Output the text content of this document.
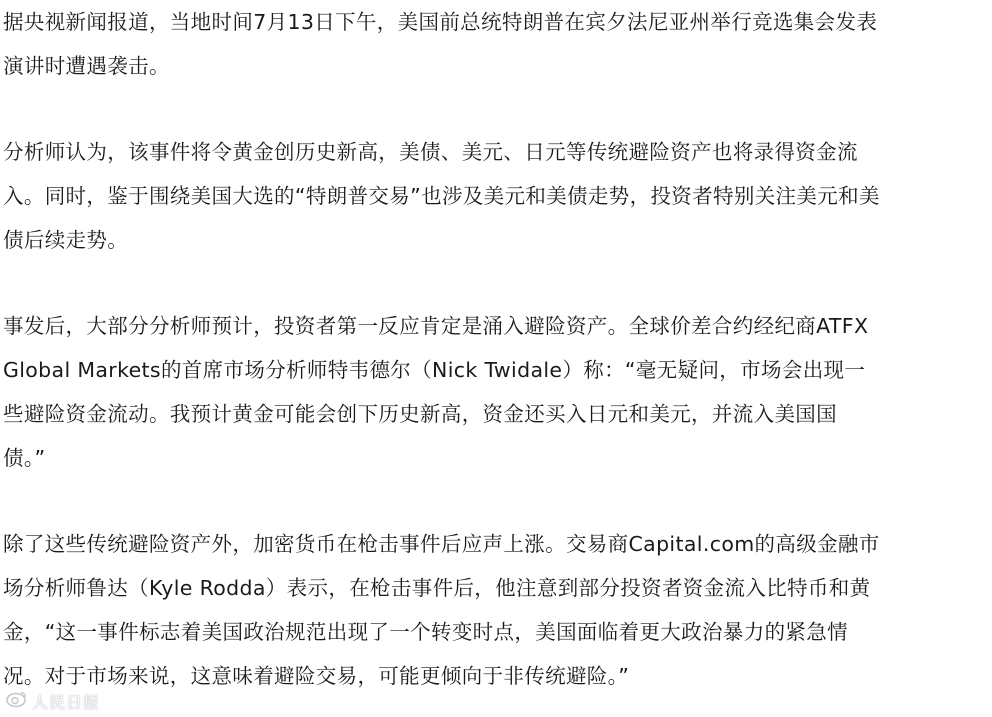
据央视新闻报道，当地时间7月13日下午，美国前总统特朗普在宾夕法尼亚州举行竞选集会发表
演讲时遭遇袭击。
分析师认为，该事件将令黄金创历史新高，美债、美元、日元等传统避险资产也将录得资金流
入。同时，鉴于围绕美国大选的“特朗普交易”也涉及美元和美债走势，投资者特别关注美元和美
债后续走势。
事发后，大部分分析师预计，投资者第一反应肯定是涌入避险资产。全球价差合约经纪商ATFX
Global Markets的首席市场分析师特韦德尔（Nick Twidale）称：“毫无疑问，市场会出现一
些避险资金流动。我预计黄金可能会创下历史新高，资金还买入日元和美元，并流入美国国
债。”
除了这些传统避险资产外，加密货币在枪击事件后应声上涨。交易商Capital.com的高级金融市
场分析师鲁达（Kyle Rodda）表示，在枪击事件后，他注意到部分投资者资金流入比特币和黄
金，“这一事件标志着美国政治规范出现了一个转变时点，美国面临着更大政治暴力的紧急情
况。对于市场来说，这意味着避险交易，可能更倾向于非传统避险。”
人民日报
